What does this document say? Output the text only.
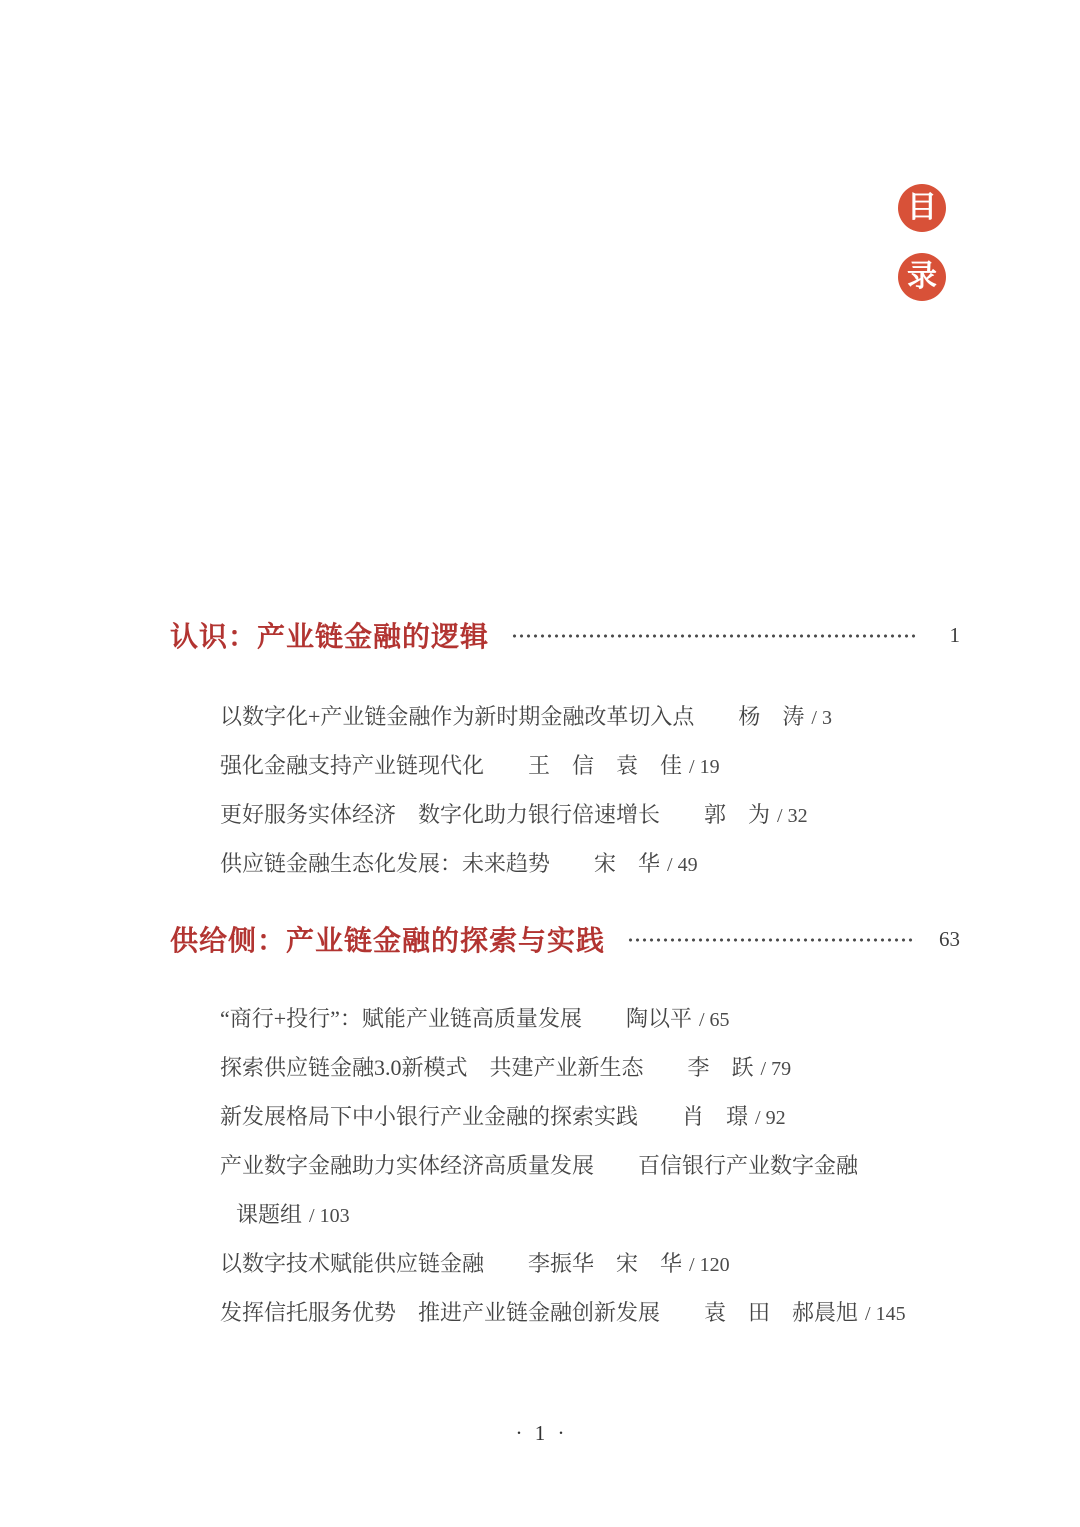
目
录
认识：产业链金融的逻辑	1
以数字化+产业链金融作为新时期金融改革切入点　　杨　涛 / 3
强化金融支持产业链现代化　　王　信　袁　佳 / 19
更好服务实体经济　数字化助力银行倍速增长　　郭　为 / 32
供应链金融生态化发展：未来趋势　　宋　华 / 49
供给侧：产业链金融的探索与实践	63
“商行+投行”：赋能产业链高质量发展　　陶以平 / 65
探索供应链金融3.0新模式　共建产业新生态　　李　跃 / 79
新发展格局下中小银行产业金融的探索实践　　肖　璟 / 92
产业数字金融助力实体经济高质量发展　　百信银行产业数字金融
课题组 / 103
以数字技术赋能供应链金融　　李振华　宋　华 / 120
发挥信托服务优势　推进产业链金融创新发展　　袁　田　郝晨旭 / 145
· 1 ·
